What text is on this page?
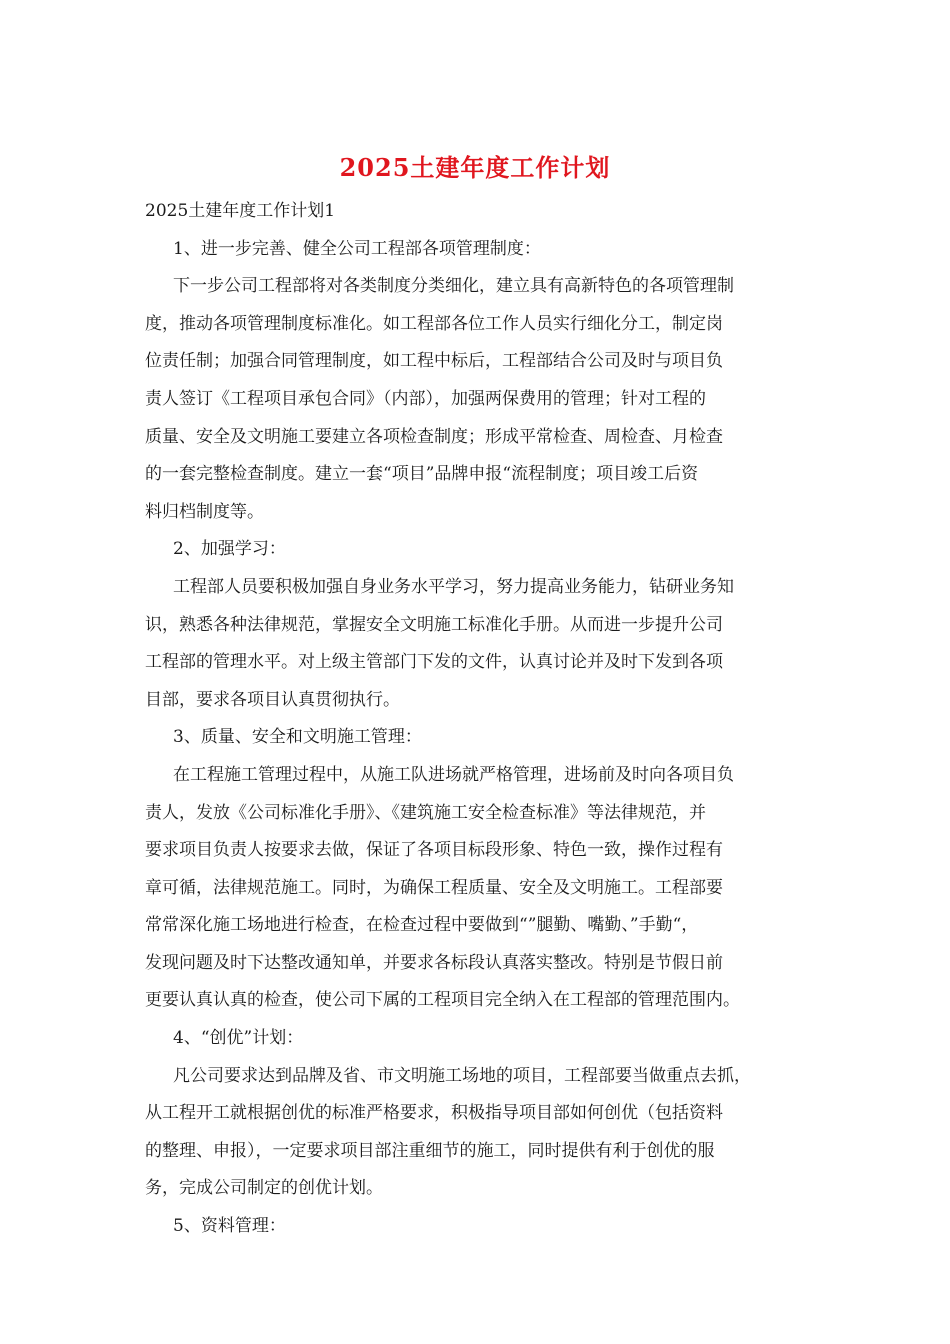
2025土建年度工作计划
2025土建年度工作计划1
1、进一步完善、健全公司工程部各项管理制度：
下一步公司工程部将对各类制度分类细化，建立具有高新特色的各项管理制
度，推动各项管理制度标准化。如工程部各位工作人员实行细化分工，制定岗
位责任制；加强合同管理制度，如工程中标后，工程部结合公司及时与项目负
责人签订《工程项目承包合同》（内部），加强两保费用的管理；针对工程的
质量、安全及文明施工要建立各项检查制度；形成平常检查、周检查、月检查
的一套完整检查制度。建立一套“项目”品牌申报“流程制度；项目竣工后资
料归档制度等。
2、加强学习：
工程部人员要积极加强自身业务水平学习，努力提高业务能力，钻研业务知
识，熟悉各种法律规范，掌握安全文明施工标准化手册。从而进一步提升公司
工程部的管理水平。对上级主管部门下发的文件，认真讨论并及时下发到各项
目部，要求各项目认真贯彻执行。
3、质量、安全和文明施工管理：
在工程施工管理过程中，从施工队进场就严格管理，进场前及时向各项目负
责人，发放《公司标准化手册》、《建筑施工安全检查标准》等法律规范，并
要求项目负责人按要求去做，保证了各项目标段形象、特色一致，操作过程有
章可循，法律规范施工。同时，为确保工程质量、安全及文明施工。工程部要
常常深化施工场地进行检查，在检查过程中要做到“”腿勤、嘴勤、”手勤“，
发现问题及时下达整改通知单，并要求各标段认真落实整改。特别是节假日前
更要认真认真的检查，使公司下属的工程项目完全纳入在工程部的管理范围内。
4、“创优”计划：
凡公司要求达到品牌及省、市文明施工场地的项目，工程部要当做重点去抓，
从工程开工就根据创优的标准严格要求，积极指导项目部如何创优（包括资料
的整理、申报），一定要求项目部注重细节的施工，同时提供有利于创优的服
务，完成公司制定的创优计划。
5、资料管理：
